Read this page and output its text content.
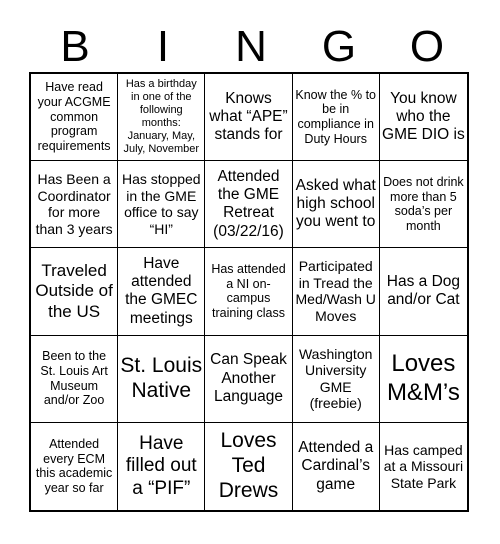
B	I	N	G	O
Have read your ACGME common program requirements
Has a birthday in one of the following months: January, May, July, November
Knows what “APE” stands for
Know the % to be in compliance in Duty Hours
You know who the GME DIO is
Has Been a Coordinator for more than 3 years
Has stopped in the GME office to say “HI”
Attended the GME Retreat (03/22/16)
Asked what high school you went to
Does not drink more than 5 soda’s per month
Traveled Outside of the US
Have attended the GMEC meetings
Has attended a NI on-campus training class
Participated in Tread the Med/Wash U Moves
Has a Dog and/or Cat
Been to the St. Louis Art Museum and/or Zoo
St. Louis Native
Can Speak Another Language
Washington University GME (freebie)
Loves M&M’s
Attended every ECM this academic year so far
Have filled out a “PIF”
Loves Ted Drews
Attended a Cardinal’s game
Has camped at a Missouri State Park
